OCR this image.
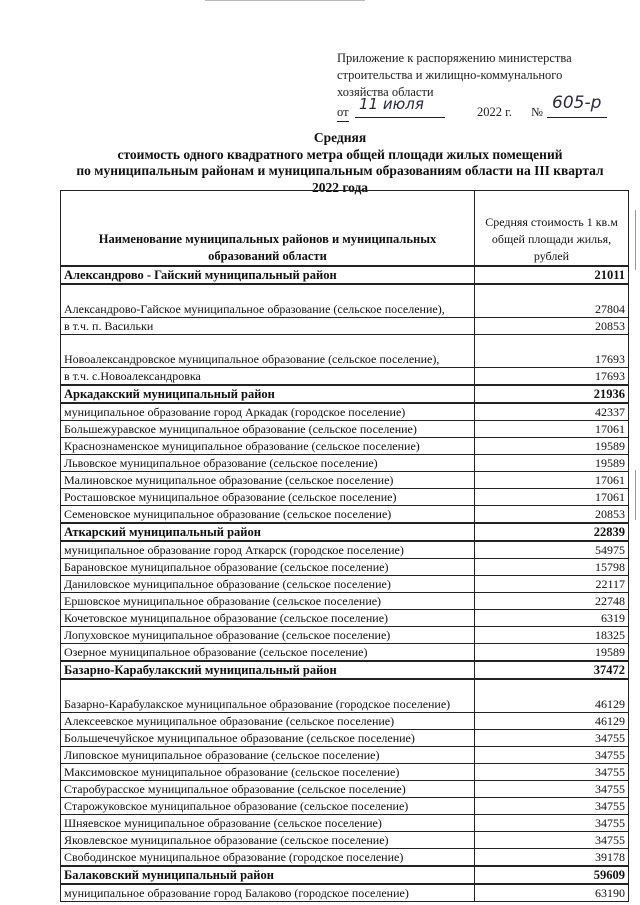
Приложение к распоряжению министерства
строительства и жилищно-коммунального
хозяйства области
от 11 июля	2022 г. № 605-р
Средняя
стоимость одного квадратного метра общей площади жилых помещений
по муниципальным районам и муниципальным образованиям области на III квартал
2022 года
Наименование муниципальных районов и муниципальных образований области	Средняя стоимость 1 кв.м общей площади жилья, рублей
Александрово - Гайский муниципальный район	21011
Александрово-Гайское муниципальное образование (сельское поселение),	27804
в т.ч. п. Васильки	20853
Новоалександровское муниципальное образование (сельское поселение),	17693
в т.ч. с.Новоалександровка	17693
Аркадакский муниципальный район	21936
муниципальное образование город Аркадак (городское поселение)	42337
Большежуравское муниципальное образование (сельское поселение)	17061
Краснознаменское муниципальное образование (сельское поселение)	19589
Львовское муниципальное образование (сельское поселение)	19589
Малиновское муниципальное образование (сельское поселение)	17061
Росташовское муниципальное образование (сельское поселение)	17061
Семеновское муниципальное образование (сельское поселение)	20853
Аткарский муниципальный район	22839
муниципальное образование город Аткарск (городское поселение)	54975
Барановское муниципальное образование (сельское поселение)	15798
Даниловское муниципальное образование (сельское поселение)	22117
Ершовское муниципальное образование (сельское поселение)	22748
Кочетовское муниципальное образование (сельское поселение)	6319
Лопуховское муниципальное образование (сельское поселение)	18325
Озерное муниципальное образование (сельское поселение)	19589
Базарно-Карабулакский муниципальный район	37472
Базарно-Карабулакское муниципальное образование (городское поселение)	46129
Алексеевское муниципальное образование (сельское поселение)	46129
Большечечуйское муниципальное образование (сельское поселение)	34755
Липовское муниципальное образование (сельское поселение)	34755
Максимовское муниципальное образование (сельское поселение)	34755
Старобурасское муниципальное образование (сельское поселение)	34755
Старожуковское муниципальное образование (сельское поселение)	34755
Шняевское муниципальное образование (сельское поселение)	34755
Яковлевское муниципальное образование (сельское поселение)	34755
Свободинское муниципальное образование (городское поселение)	39178
Балаковский муниципальный район	59609
муниципальное образование город Балаково (городское поселение)	63190
